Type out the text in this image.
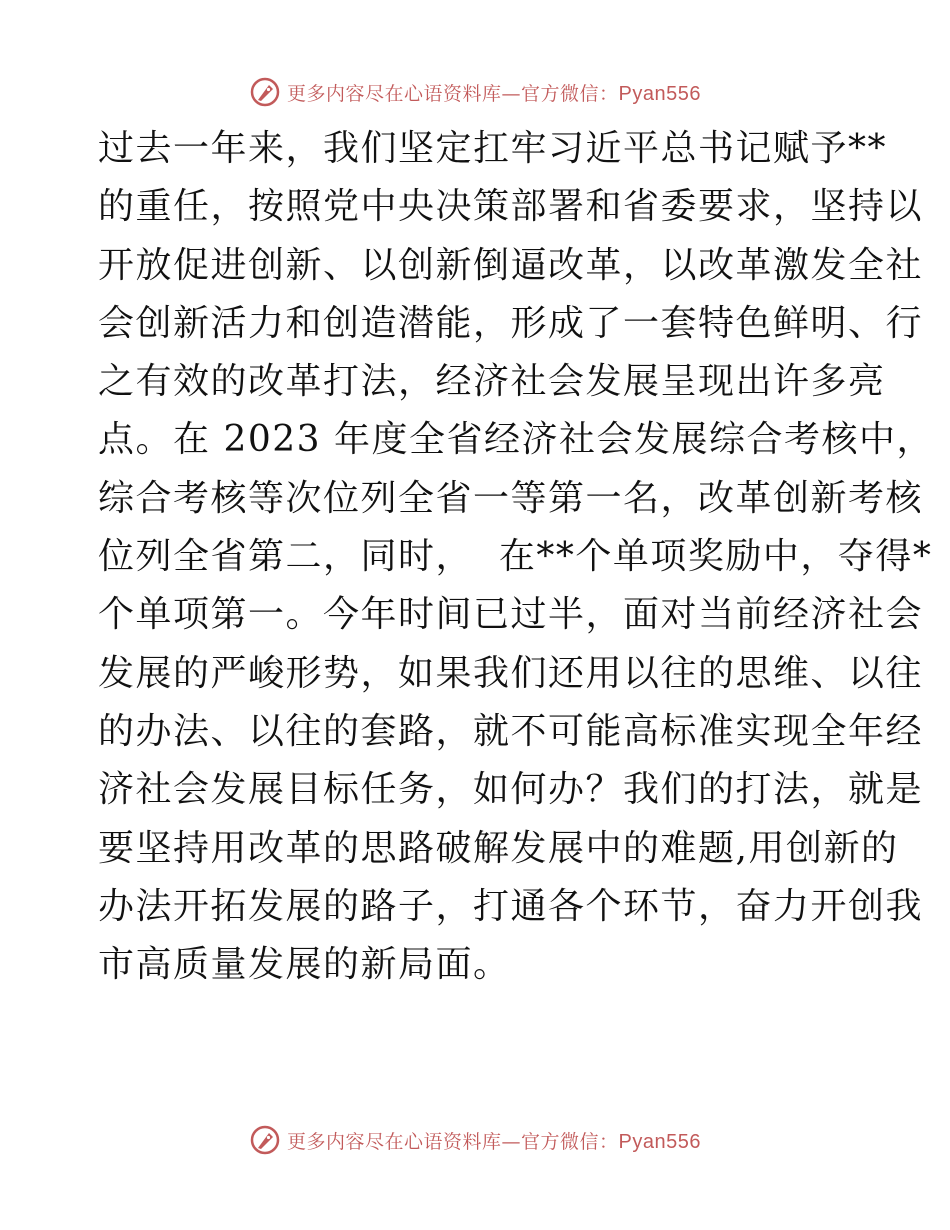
更多内容尽在心语资料库—官方微信：Pyan556
过去一年来，我们坚定扛牢习近平总书记赋予**
的重任，按照党中央决策部署和省委要求，坚持以
开放促进创新、以创新倒逼改革，以改革激发全社
会创新活力和创造潜能，形成了一套特色鲜明、行
之有效的改革打法，经济社会发展呈现出许多亮
点。在 2023 年度全省经济社会发展综合考核中，
综合考核等次位列全省一等第一名，改革创新考核
位列全省第二，同时，  在**个单项奖励中，夺得*
个单项第一。今年时间已过半，面对当前经济社会
发展的严峻形势，如果我们还用以往的思维、以往
的办法、以往的套路，就不可能高标准实现全年经
济社会发展目标任务，如何办？我们的打法，就是
要坚持用改革的思路破解发展中的难题,用创新的
办法开拓发展的路子，打通各个环节，奋力开创我
市高质量发展的新局面。
更多内容尽在心语资料库—官方微信：Pyan556
